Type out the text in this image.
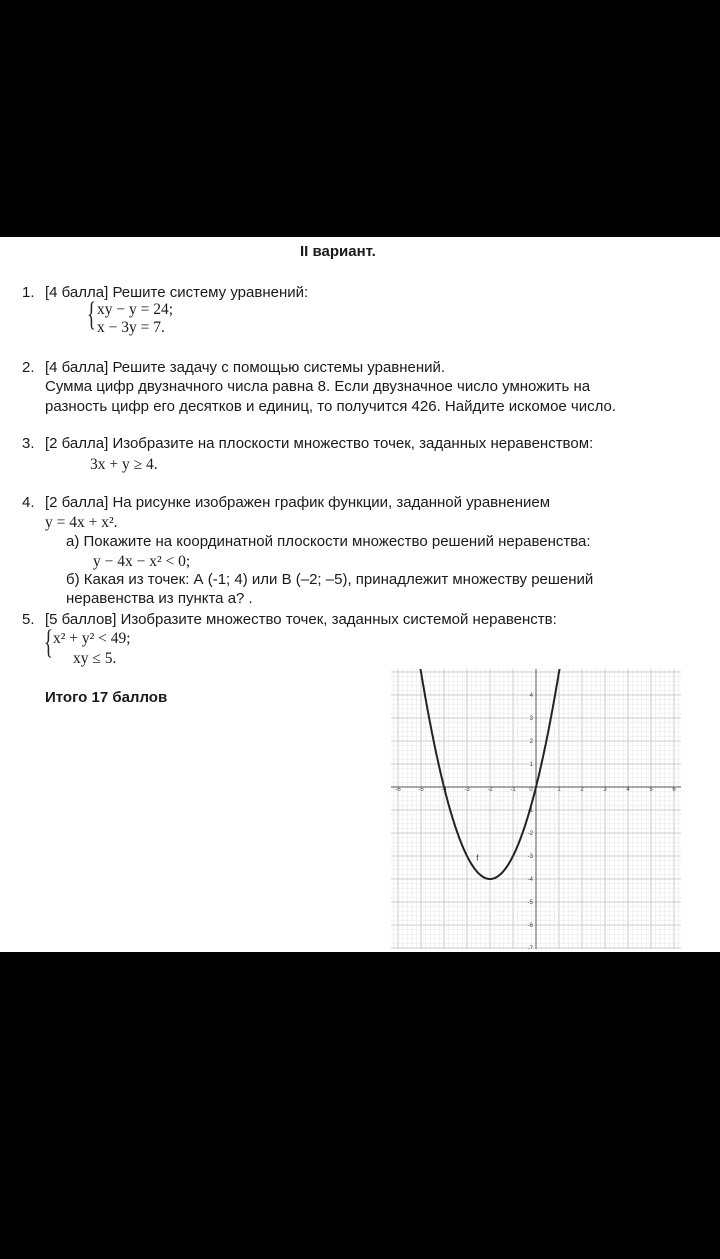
II вариант.
1. [4 балла] Решите систему уравнений:
{ xy − y = 24;
x − 3y = 7.
2. [4 балла] Решите задачу с помощью системы уравнений.
Сумма цифр двузначного числа равна 8. Если двузначное число умножить на
разность цифр его десятков и единиц, то получится 426. Найдите искомое число.
3. [2 балла] Изобразите на плоскости множество точек, заданных неравенством:
3x + y ≥ 4.
4. [2 балла] На рисунке изображен график функции, заданной уравнением
y = 4x + x².
а) Покажите на координатной плоскости множество решений неравенства:
y − 4x − x² < 0;
б) Какая из точек: А (-1; 4) или В (–2; –5), принадлежит множеству решений
неравенства из пункта а? .
5. [5 баллов] Изобразите множество точек, заданных системой неравенств:
{ x² + y² < 49;
xy ≤ 5.
Итого 17 баллов
-6	-5	-4	-3	-2	-1 0	1	2	3	4	5	6
4
3
2
1
-1
-2
-3
-4
-5
-6
-7
f
